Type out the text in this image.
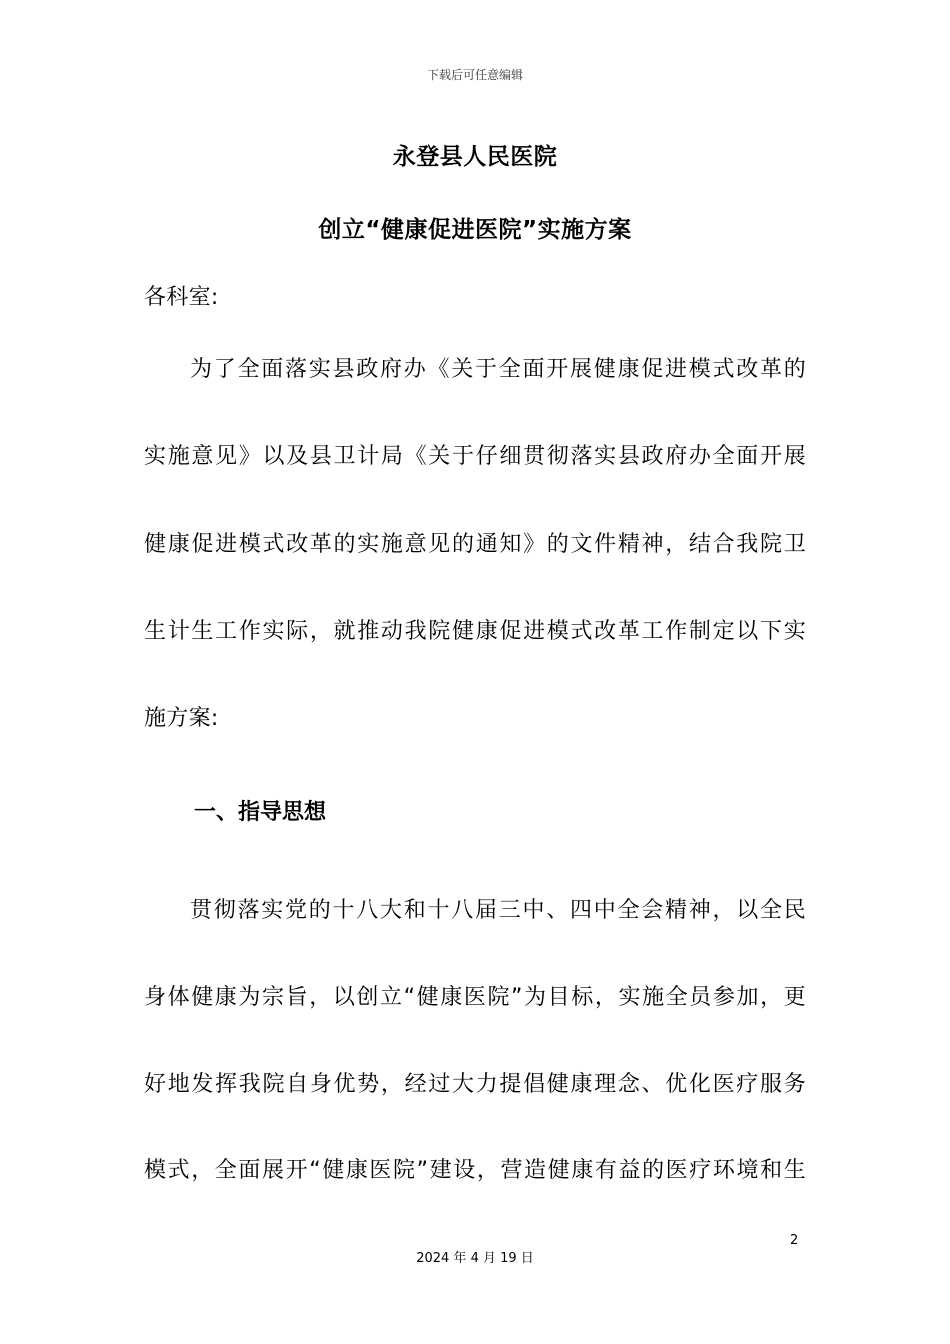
下载后可任意编辑
永登县人民医院
创立“健康促进医院”实施方案
各科室:
为了全面落实县政府办《关于全面开展健康促进模式改革的
实施意见》以及县卫计局《关于仔细贯彻落实县政府办全面开展
健康促进模式改革的实施意见的通知》的文件精神，结合我院卫
生计生工作实际，就推动我院健康促进模式改革工作制定以下实
施方案:
一、指导思想
贯彻落实党的十八大和十八届三中、四中全会精神，以全民
身体健康为宗旨，以创立“健康医院”为目标，实施全员参加，更
好地发挥我院自身优势，经过大力提倡健康理念、优化医疗服务
模式，全面展开“健康医院”建设，营造健康有益的医疗环境和生
2
2024 年 4 月 19 日
